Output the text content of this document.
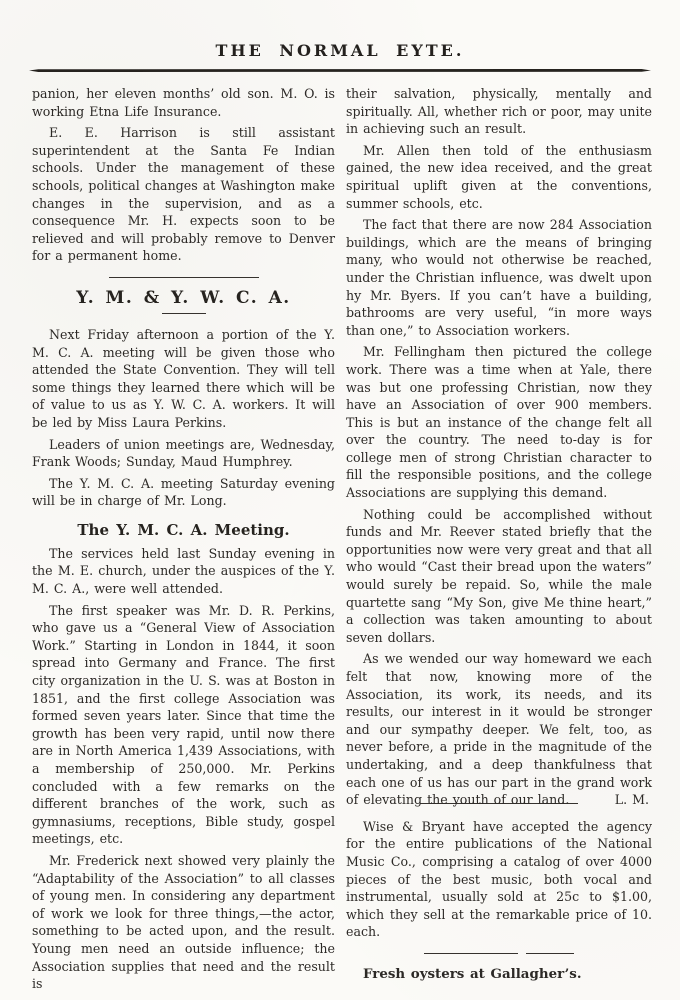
THE NORMAL EYTE.

panion, her eleven months’ old son. M. O. is working Etna Life Insurance.

E. E. Harrison is still assistant superintendent at the Santa Fe Indian schools. Under the management of these schools, political changes at Washington make changes in the supervision, and as a consequence Mr. H. expects soon to be relieved and will probably remove to Denver for a permanent home.

Y. M. & Y. W. C. A.

Next Friday afternoon a portion of the Y. M. C. A. meeting will be given those who attended the State Convention. They will tell some things they learned there which will be of value to us as Y. W. C. A. workers. It will be led by Miss Laura Perkins.

Leaders of union meetings are, Wednesday, Frank Woods; Sunday, Maud Humphrey.

The Y. M. C. A. meeting Saturday evening will be in charge of Mr. Long.

The Y. M. C. A. Meeting.

The services held last Sunday evening in the M. E. church, under the auspices of the Y. M. C. A., were well attended.

The first speaker was Mr. D. R. Perkins, who gave us a “General View of Association Work.” Starting in London in 1844, it soon spread into Germany and France. The first city organization in the U. S. was at Boston in 1851, and the first college Association was formed seven years later. Since that time the growth has been very rapid, until now there are in North America 1,439 Associations, with a membership of 250,000. Mr. Perkins concluded with a few remarks on the different branches of the work, such as gymnasiums, receptions, Bible study, gospel meetings, etc.

Mr. Frederick next showed very plainly the “Adaptability of the Association” to all classes of young men. In considering any department of work we look for three things,—the actor, something to be acted upon, and the result. Young men need an outside influence; the Association supplies that need and the result is

their salvation, physically, mentally and spiritually. All, whether rich or poor, may unite in achieving such an result.

Mr. Allen then told of the enthusiasm gained, the new idea received, and the great spiritual uplift given at the conventions, summer schools, etc.

The fact that there are now 284 Association buildings, which are the means of bringing many, who would not otherwise be reached, under the Christian influence, was dwelt upon hy Mr. Byers. If you can’t have a building, bathrooms are very useful, “in more ways than one,” to Association workers.

Mr. Fellingham then pictured the college work. There was a time when at Yale, there was but one professing Christian, now they have an Association of over 900 members. This is but an instance of the change felt all over the country. The need to-day is for college men of strong Christian character to fill the responsible positions, and the college Associations are supplying this demand.

Nothing could be accomplished without funds and Mr. Reever stated briefly that the opportunities now were very great and that all who would “Cast their bread upon the waters” would surely be repaid. So, while the male quartette sang “My Son, give Me thine heart,” a collection was taken amounting to about seven dollars.

As we wended our way homeward we each felt that now, knowing more of the Association, its work, its needs, and its results, our interest in it would be stronger and our sympathy deeper. We felt, too, as never before, a pride in the magnitude of the undertaking, and a deep thankfulness that each one of us has our part in the grand work of elevating the youth of our land.	L. M.

Wise & Bryant have accepted the agency for the entire publications of the National Music Co., comprising a catalog of over 4000 pieces of the best music, both vocal and instrumental, usually sold at 25c to $1.00, which they sell at the remarkable price of 10. each.

Fresh oysters at Gallagher’s.
